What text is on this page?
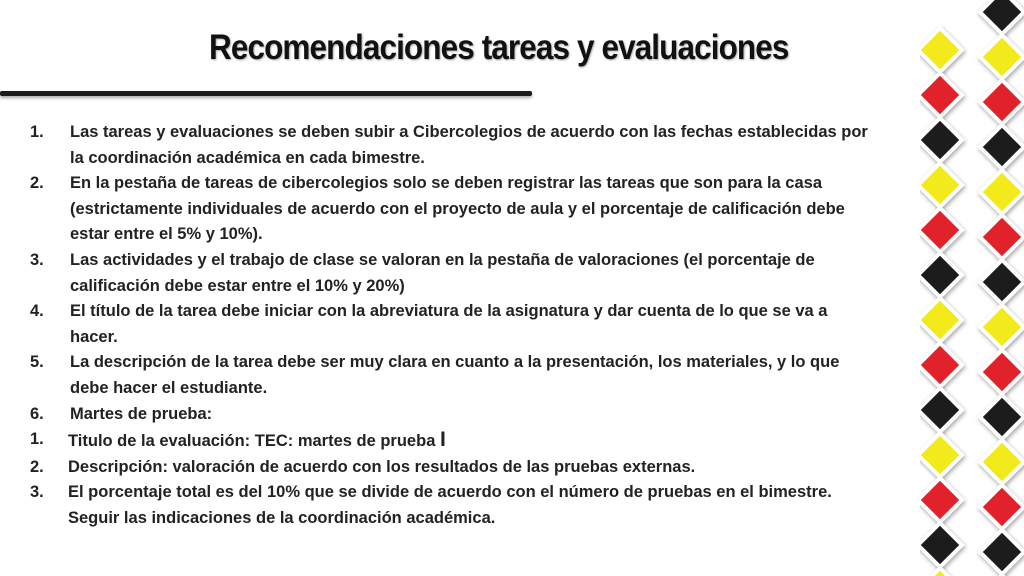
Recomendaciones tareas y evaluaciones
1. Las tareas y evaluaciones se deben subir a Cibercolegios de acuerdo con las fechas establecidas por la coordinación académica en cada bimestre.
2. En la pestaña de tareas de cibercolegios solo se deben registrar las tareas que son para la casa (estrictamente individuales de acuerdo con el proyecto de aula y el porcentaje de calificación debe estar entre el 5% y 10%).
3. Las actividades y el trabajo de clase se valoran en la pestaña de valoraciones (el porcentaje de calificación debe estar entre el 10% y 20%)
4. El título de la tarea debe iniciar con la abreviatura de la asignatura y dar cuenta de lo que se va a hacer.
5. La descripción de la tarea debe ser muy clara en cuanto a la presentación, los materiales, y lo que debe hacer el estudiante.
6. Martes de prueba:
1. Titulo de la evaluación: TEC: martes de prueba I
2. Descripción: valoración de acuerdo con los resultados de las pruebas externas.
3. El porcentaje total es del 10% que se divide de acuerdo con el número de pruebas en el bimestre. Seguir las indicaciones de la coordinación académica.
